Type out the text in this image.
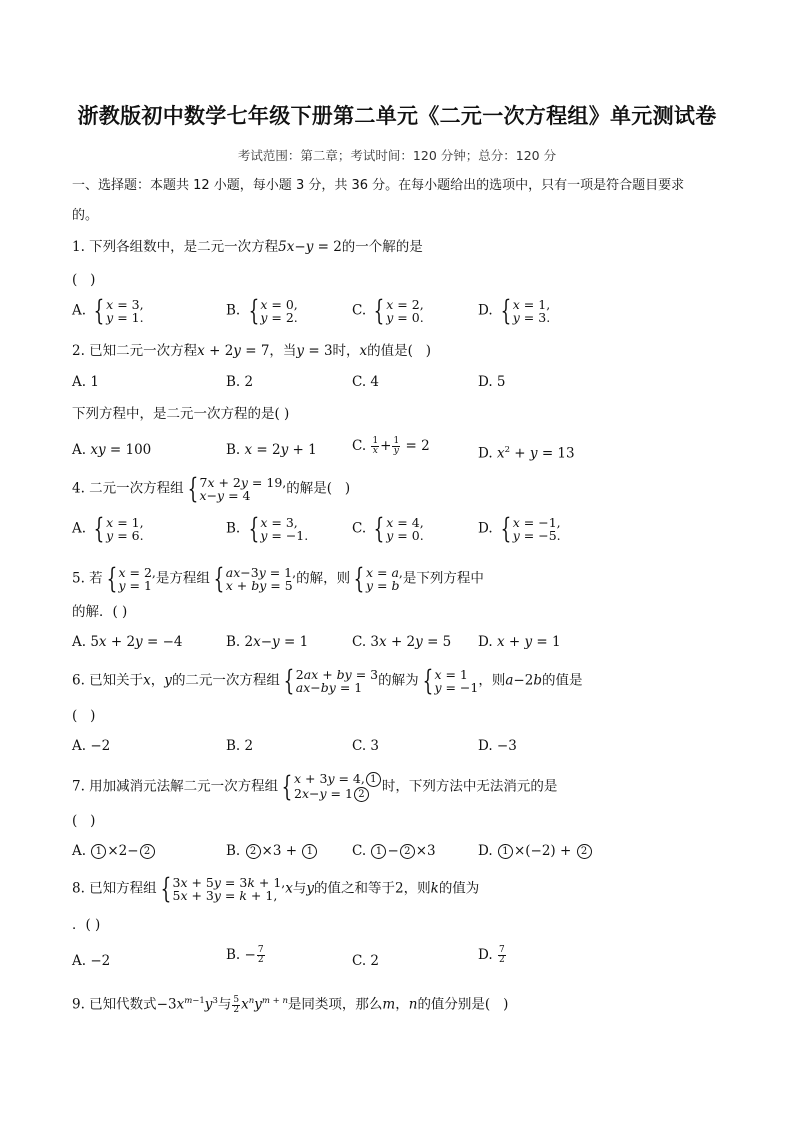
浙教版初中数学七年级下册第二单元《二元一次方程组》单元测试卷
考试范围：第二章；考试时间：120 分钟；总分：120 分
一、选择题：本题共 12 小题，每小题 3 分，共 36 分。在每小题给出的选项中，只有一项是符合题目要求
的。
1. 下列各组数中，是二元一次方程5x−y = 2的一个解的是
(   )
A. { x = 3,
y = 1.	B. { x = 0,
y = 2.	C. { x = 2,
y = 0.	D. { x = 1,
y = 3.
2. 已知二元一次方程x + 2y = 7，当y = 3时，x的值是(   )
A. 1	B. 2	C. 4	D. 5
下列方程中，是二元一次方程的是( )
A. xy = 100	B. x = 2y + 1	C. $\frac{1}{x} + \frac{1}{y} = 2$	D. $x^2 + y = 13$
4. 二元一次方程组 { 7x + 2y = 19,
x−y = 4	的解是(   )
A. { x = 1,
y = 6.	B. { x = 3,
y = −1.	C. { x = 4,
y = 0.	D. { x = −1,
y = −5.
5. 若 { x = 2,
y = 1 是方程组 { ax−3y = 1,
x + by = 5 的解，则 { x = a,
y = b 是下列方程中
的解．( )
A. 5x + 2y = −4	B. 2x−y = 1	C. 3x + 2y = 5 D. x + y = 1
6. 已知关于x，y的二元一次方程组 { 2ax + by = 3
ax−by = 1	的解为 { x = 1
y = −1 ，则a−2b的值是
(   )
A. −2	B. 2	C. 3	D. −3
7. 用加减消元法解二元一次方程组 { x + 3y = 4, 1
2x−y = 1 2	时，下列方法中无法消元的是
(   )
A. 1 ×2− 2	B. 2 ×3 + 1	C. 1 − 2 ×3	D. 1 ×(−2) + 2
8. 已知方程组 { 3x + 5y = 3k + 1,
5x + 3y = k + 1, x与y的值之和等于2，则k的值为
．( )
A. −2	B. − $\frac{7}{2}$	C. 2	D. $\frac{7}{2}$
9. 已知代数式$-3x^{m-1}y^3$与 $\frac{5}{2} x^ny^{m + n}$是同类项，那么m，n的值分别是(   )
